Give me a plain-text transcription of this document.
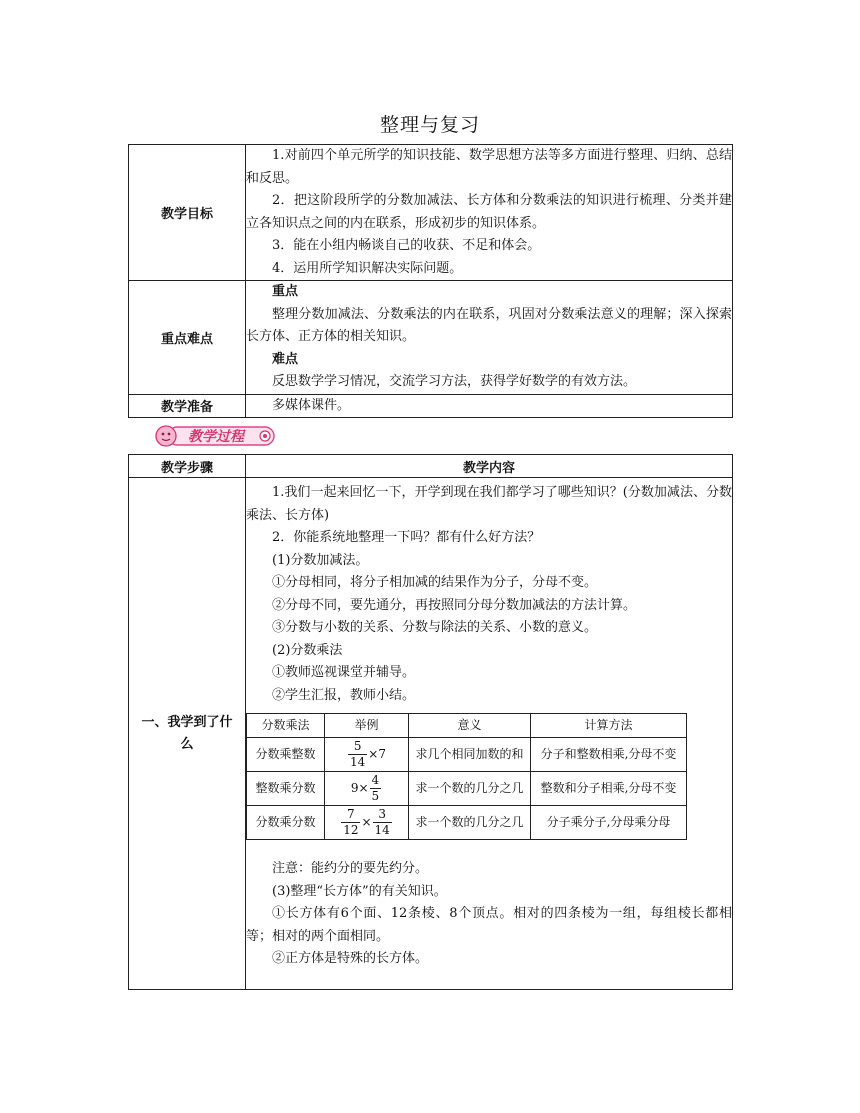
整理与复习
教学目标	1.对前四个单元所学的知识技能、数学思想方法等多方面进行整理、归纳、总结和反思。

2．把这阶段所学的分数加减法、长方体和分数乘法的知识进行梳理、分类并建立各知识点之间的内在联系，形成初步的知识体系。

3．能在小组内畅谈自己的收获、不足和体会。

4．运用所学知识解决实际问题。

重点难点	重点

整理分数加减法、分数乘法的内在联系，巩固对分数乘法意义的理解；深入探索长方体、正方体的相关知识。

难点

反思数学学习情况，交流学习方法，获得学好数学的有效方法。

教学准备	多媒体课件。

教学过程
教学步骤	教学内容
一、我学到了什么	

1.我们一起来回忆一下，开学到现在我们都学习了哪些知识？(分数加减法、分数乘法、长方体)

2．你能系统地整理一下吗？都有什么好方法？

(1)分数加减法。

①分母相同，将分子相加减的结果作为分子，分母不变。

②分母不同，要先通分，再按照同分母分数加减法的方法计算。

③分数与小数的关系、分数与除法的关系、小数的意义。

(2)分数乘法

①教师巡视课堂并辅导。

②学生汇报，教师小结。

分数乘法	举例	意义	计算方法
分数乘整数	$\frac{5}{14} \times 7$	求几个相同加数的和	分子和整数相乘,分母不变
整数乘分数	$9\times \frac{4}{5}$	求一个数的几分之几	整数和分子相乘,分母不变
分数乘分数	$\frac{7}{12} \times \frac{3}{14}$	求一个数的几分之几	分子乘分子,分母乘分母

注意：能约分的要先约分。

(3)整理“长方体”的有关知识。

①长方体有6个面、12条棱、8个顶点。相对的四条棱为一组，每组棱长都相等；相对的两个面相同。

②正方体是特殊的长方体。
